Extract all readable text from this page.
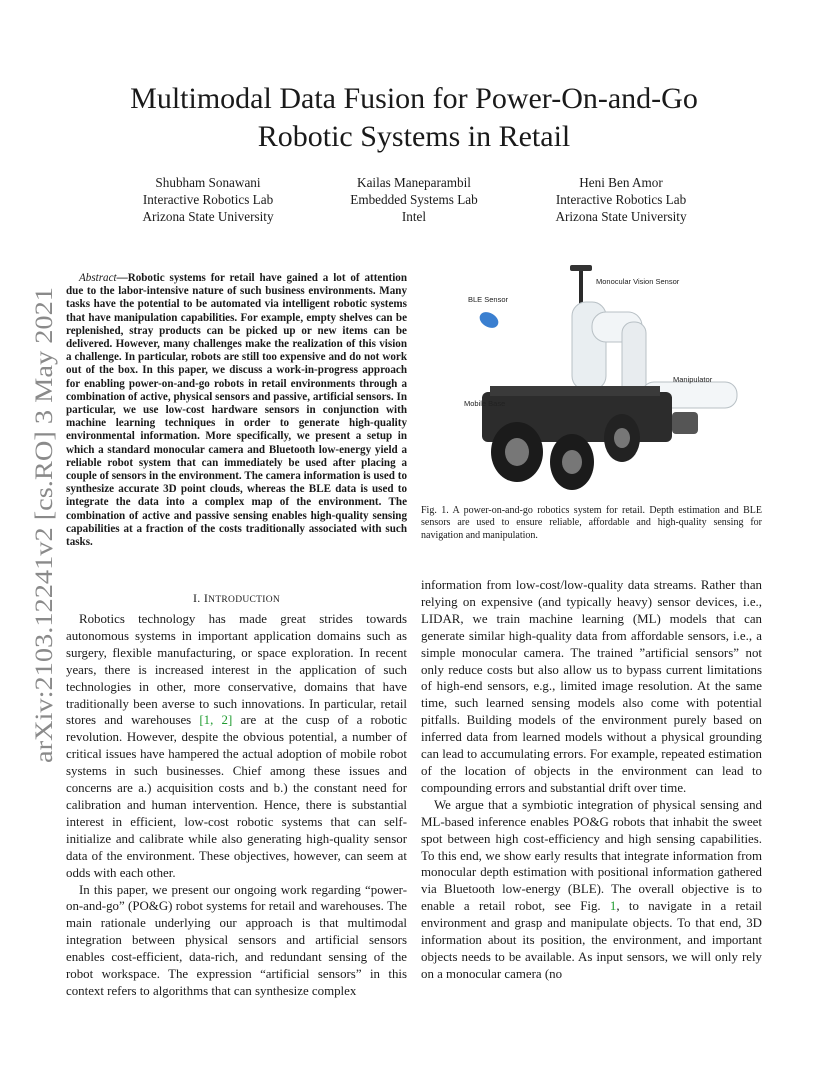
Multimodal Data Fusion for Power-On-and-Go
Robotic Systems in Retail
Shubham Sonawani
Interactive Robotics Lab
Arizona State University
Kailas Maneparambil
Embedded Systems Lab
Intel
Heni Ben Amor
Interactive Robotics Lab
Arizona State University
arXiv:2103.12241v2 [cs.RO] 3 May 2021

Abstract—Robotic systems for retail have gained a lot of attention due to the labor-intensive nature of such business environments. Many tasks have the potential to be automated via intelligent robotic systems that have manipulation capabilities. For example, empty shelves can be replenished, stray products can be picked up or new items can be delivered. However, many challenges make the realization of this vision a challenge. In particular, robots are still too expensive and do not work out of the box. In this paper, we discuss a work-in-progress approach for enabling power-on-and-go robots in retail environments through a combination of active, physical sensors and passive, artificial sensors. In particular, we use low-cost hardware sensors in conjunction with machine learning techniques in order to generate high-quality environmental information. More specifically, we present a setup in which a standard monocular camera and Bluetooth low-energy yield a reliable robot system that can immediately be used after placing a couple of sensors in the environment. The camera information is used to synthesize accurate 3D point clouds, whereas the BLE data is used to integrate the data into a complex map of the environment. The combination of active and passive sensing enables high-quality sensing capabilities at a fraction of the costs traditionally associated with such tasks.

I. INTRODUCTION

Robotics technology has made great strides towards autonomous systems in important application domains such as surgery, flexible manufacturing, or space exploration. In recent years, there is increased interest in the application of such technologies in other, more conservative, domains that have traditionally been averse to such innovations. In particular, retail stores and warehouses [1, 2] are at the cusp of a robotic revolution. However, despite the obvious potential, a number of critical issues have hampered the actual adoption of mobile robot systems in such businesses. Chief among these issues and concerns are a.) acquisition costs and b.) the constant need for calibration and human intervention. Hence, there is substantial interest in efficient, low-cost robotic systems that can self-initialize and calibrate while also generating high-quality sensor data of the environment. These objectives, however, can seem at odds with each other.

In this paper, we present our ongoing work regarding “power-on-and-go” (PO&G) robot systems for retail and warehouses. The main rationale underlying our approach is that multimodal integration between physical sensors and artificial sensors enables cost-efficient, data-rich, and redundant sensing of the robot workspace. The expression “artificial sensors” in this context refers to algorithms that can synthesize complex

Monocular Vision Sensor
BLE Sensor
Manipulator
Mobile Base

Fig. 1. A power-on-and-go robotics system for retail. Depth estimation and BLE sensors are used to ensure reliable, affordable and high-quality sensing for navigation and manipulation.

information from low-cost/low-quality data streams. Rather than relying on expensive (and typically heavy) sensor devices, i.e., LIDAR, we train machine learning (ML) models that can generate similar high-quality data from affordable sensors, i.e., a simple monocular camera. The trained ”artificial sensors” not only reduce costs but also allow us to bypass current limitations of high-end sensors, e.g., limited image resolution. At the same time, such learned sensing models also come with potential pitfalls. Building models of the environment purely based on inferred data from learned models without a physical grounding can lead to accumulating errors. For example, repeated estimation of the location of objects in the environment can lead to compounding errors and substantial drift over time.

We argue that a symbiotic integration of physical sensing and ML-based inference enables PO&G robots that inhabit the sweet spot between high cost-efficiency and high sensing capabilities. To this end, we show early results that integrate information from monocular depth estimation with positional information gathered via Bluetooth low-energy (BLE). The overall objective is to enable a retail robot, see Fig. 1, to navigate in a retail environment and grasp and manipulate objects. To that end, 3D information about its position, the environment, and important objects needs to be available. As input sensors, we will only rely on a monocular camera (no
